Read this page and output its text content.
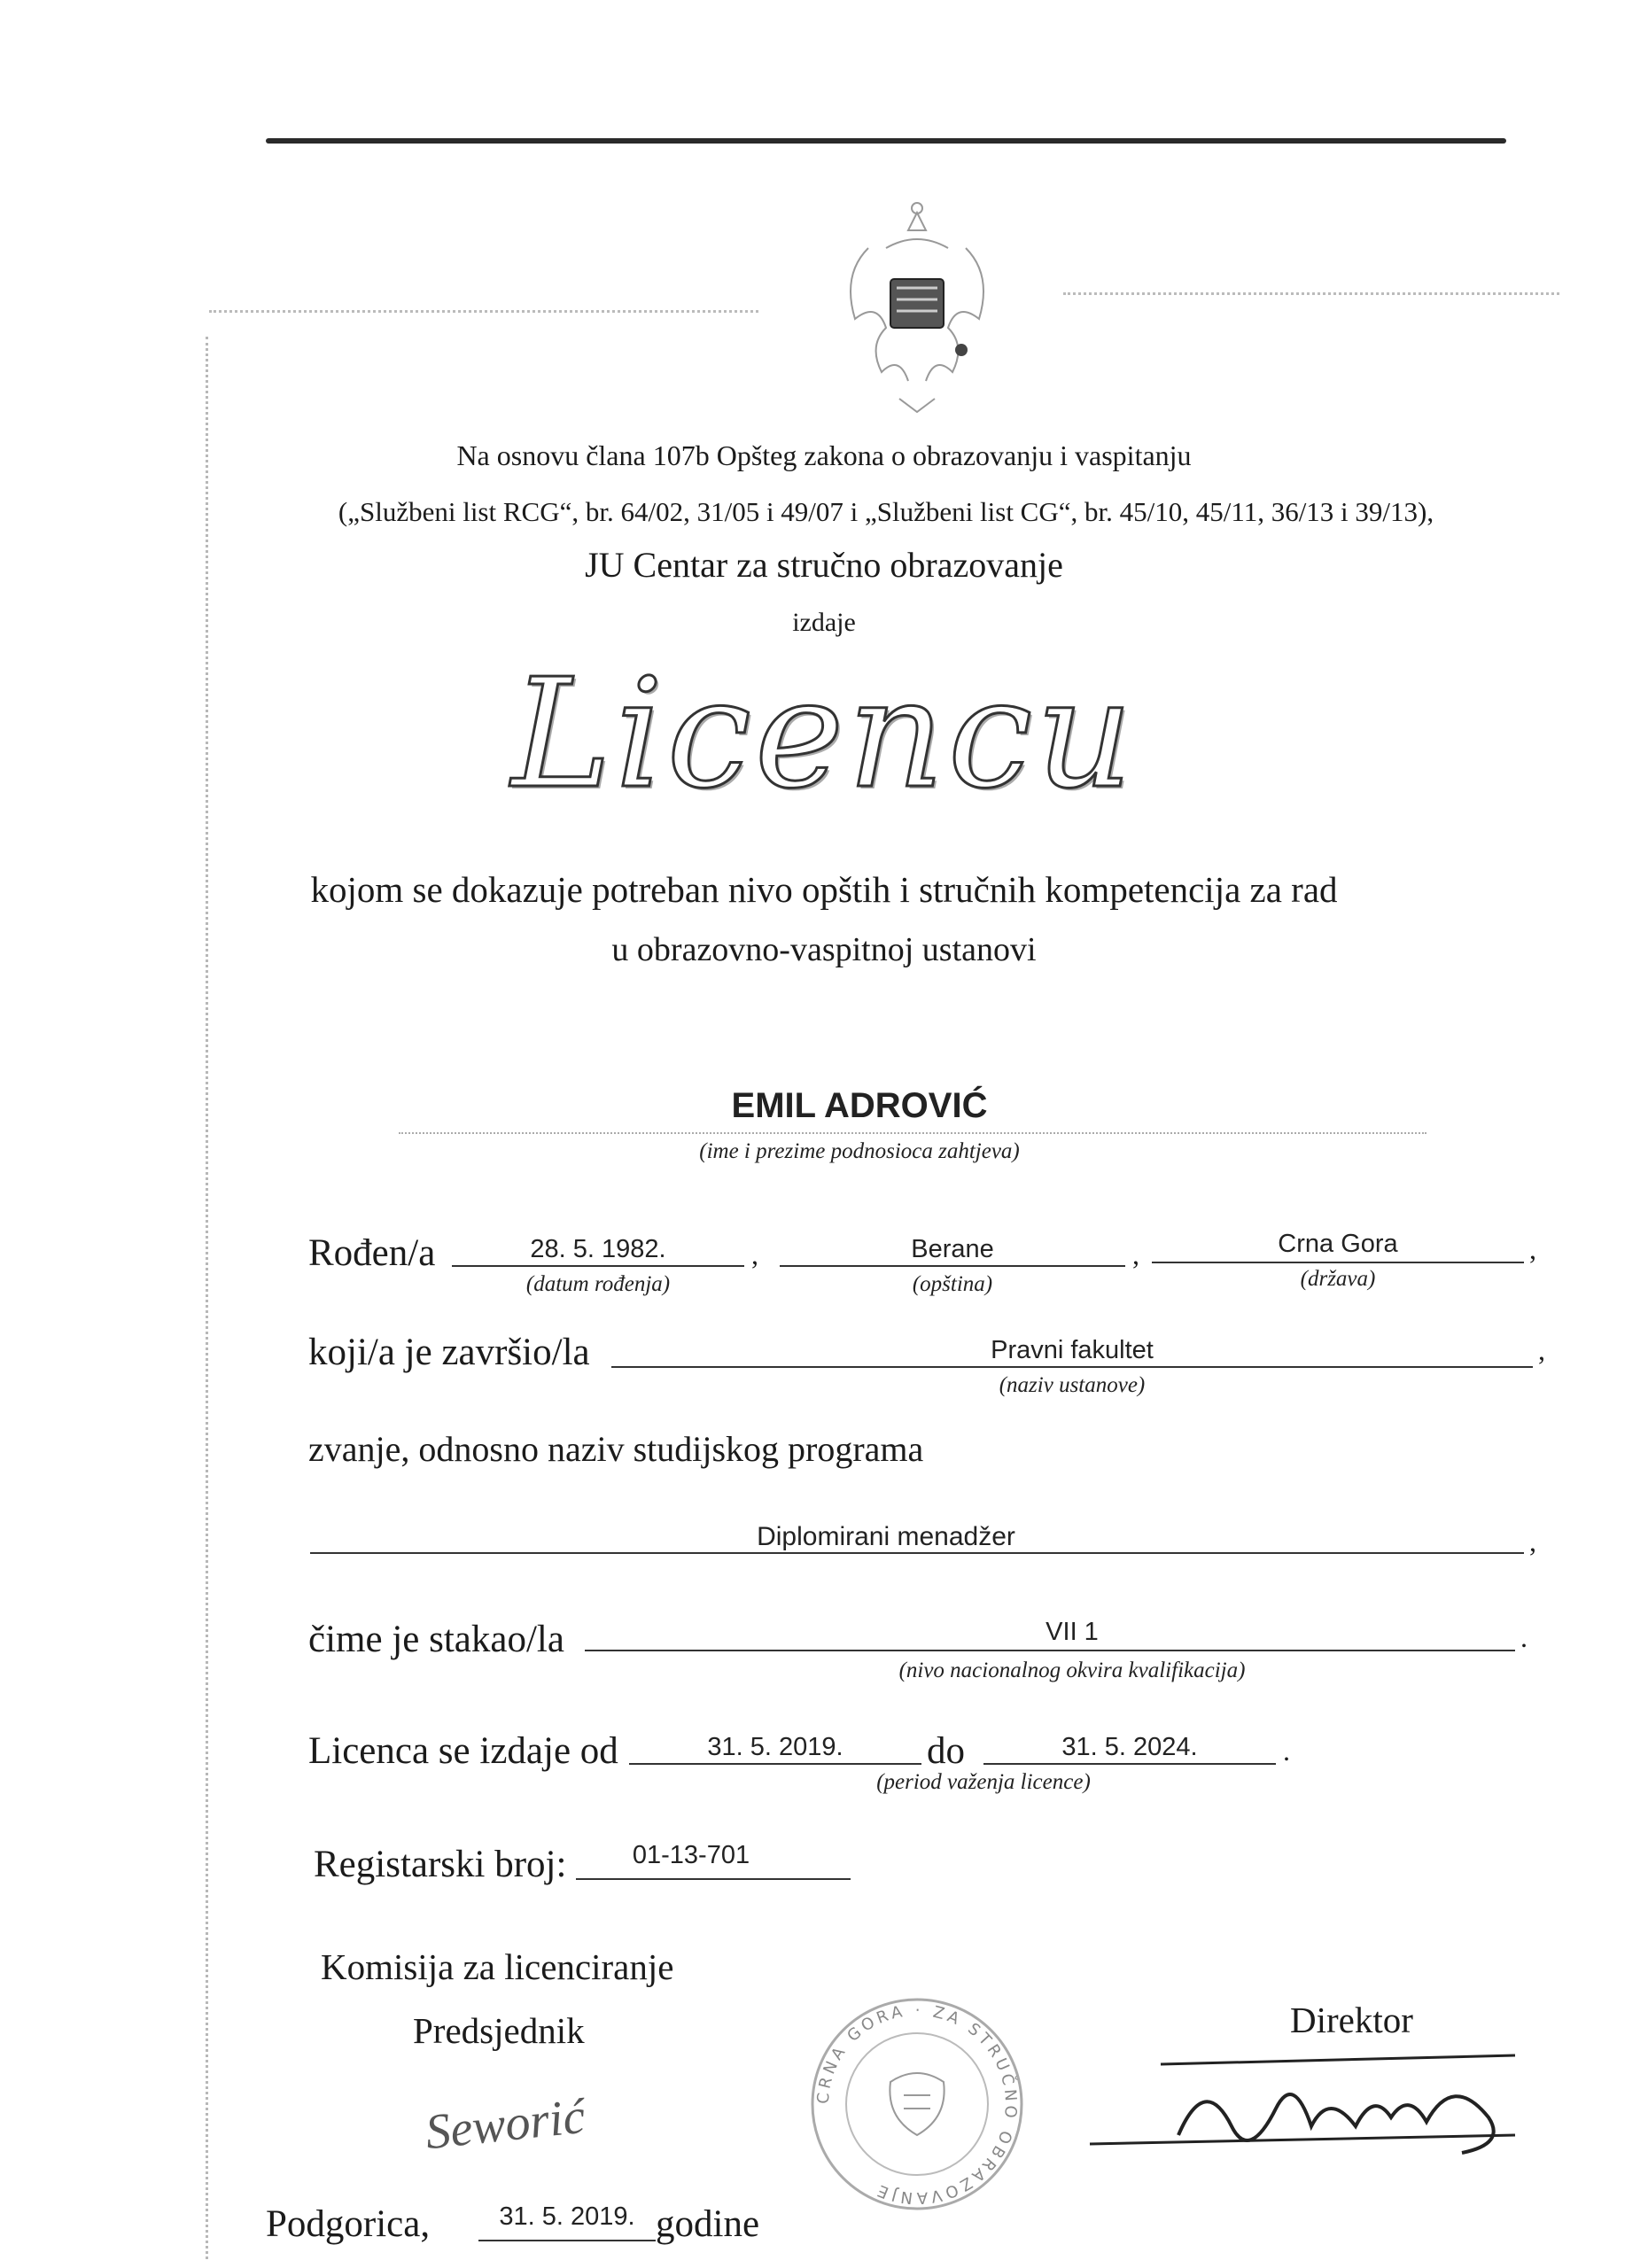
Na osnovu člana 107b Opšteg zakona o obrazovanju i vaspitanju
(„Službeni list RCG“, br. 64/02, 31/05 i 49/07 i „Službeni list CG“, br. 45/10, 45/11, 36/13 i 39/13),
JU Centar za stručno obrazovanje
izdaje
Licencu
kojom se dokazuje potreban nivo opštih i stručnih kompetencija za rad
u obrazovno-vaspitnoj ustanovi
EMIL ADROVIĆ
(ime i prezime podnosioca zahtjeva)
Rođen/a	28. 5. 1982.
(datum rođenja)
,	Berane
(opština)
,	Crna Gora
(država)
,
koji/a je završio/la	Pravni fakultet
(naziv ustanove)
,
zvanje, odnosno naziv studijskog programa
Diplomirani menadžer	,
čime je stakao/la	VII 1
(nivo nacionalnog okvira kvalifikacija)
.
Licenca se izdaje od	31. 5. 2019.	do	31. 5. 2024.	.
(period važenja licence)
Registarski broj:	01-13-701
Komisija za licenciranje
Predsjednik
Seworić
Direktor
CRNA GORA · ZA STRUČNO OBRAZOVANJE
Podgorica,	31. 5. 2019. godine
